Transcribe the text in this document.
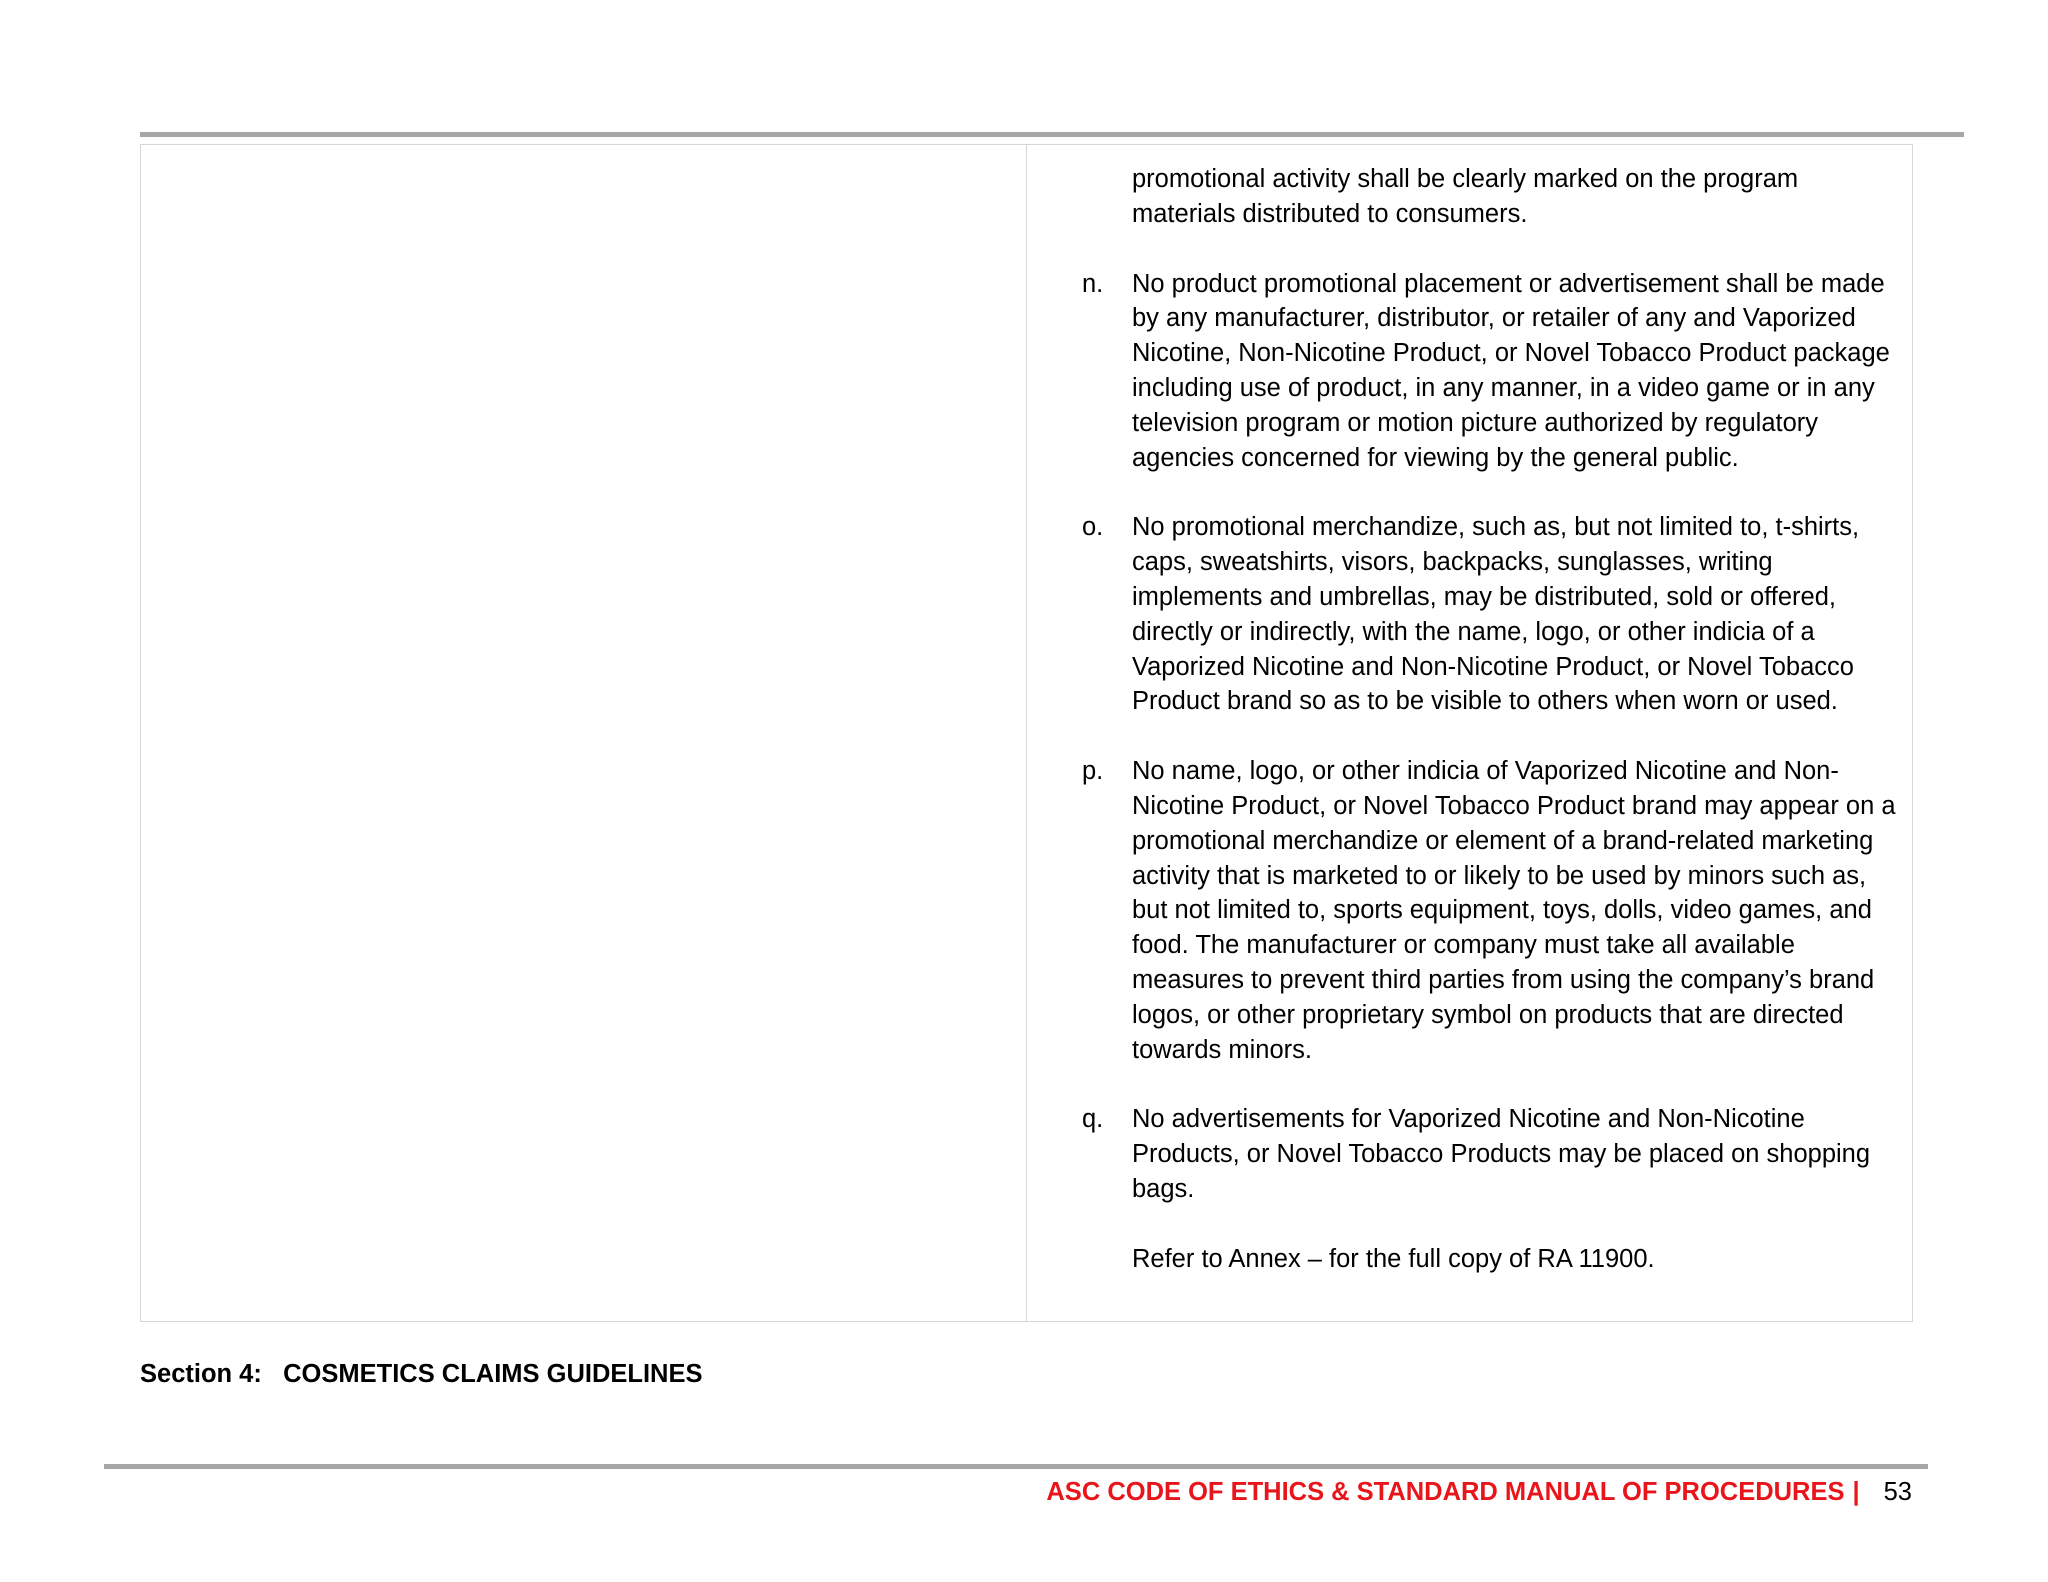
promotional activity shall be clearly marked on the program materials distributed to consumers.
n.	No product promotional placement or advertisement shall be made by any manufacturer, distributor, or retailer of any and Vaporized Nicotine, Non-Nicotine Product, or Novel Tobacco Product package including use of product, in any manner, in a video game or in any television program or motion picture authorized by regulatory agencies concerned for viewing by the general public.
o.	No promotional merchandize, such as, but not limited to, t-shirts, caps, sweatshirts, visors, backpacks, sunglasses, writing implements and umbrellas, may be distributed, sold or offered, directly or indirectly, with the name, logo, or other indicia of a Vaporized Nicotine and Non-Nicotine Product, or Novel Tobacco Product brand so as to be visible to others when worn or used.
p.	No name, logo, or other indicia of Vaporized Nicotine and Non-Nicotine Product, or Novel Tobacco Product brand may appear on a promotional merchandize or element of a brand-related marketing activity that is marketed to or likely to be used by minors such as, but not limited to, sports equipment, toys, dolls, video games, and food. The manufacturer or company must take all available measures to prevent third parties from using the company’s brand logos, or other proprietary symbol on products that are directed towards minors.
q.	No advertisements for Vaporized Nicotine and Non-Nicotine Products, or Novel Tobacco Products may be placed on shopping bags.
Refer to Annex – for the full copy of RA 11900.
Section 4:   COSMETICS CLAIMS GUIDELINES
ASC CODE OF ETHICS & STANDARD MANUAL OF PROCEDURES | 53
